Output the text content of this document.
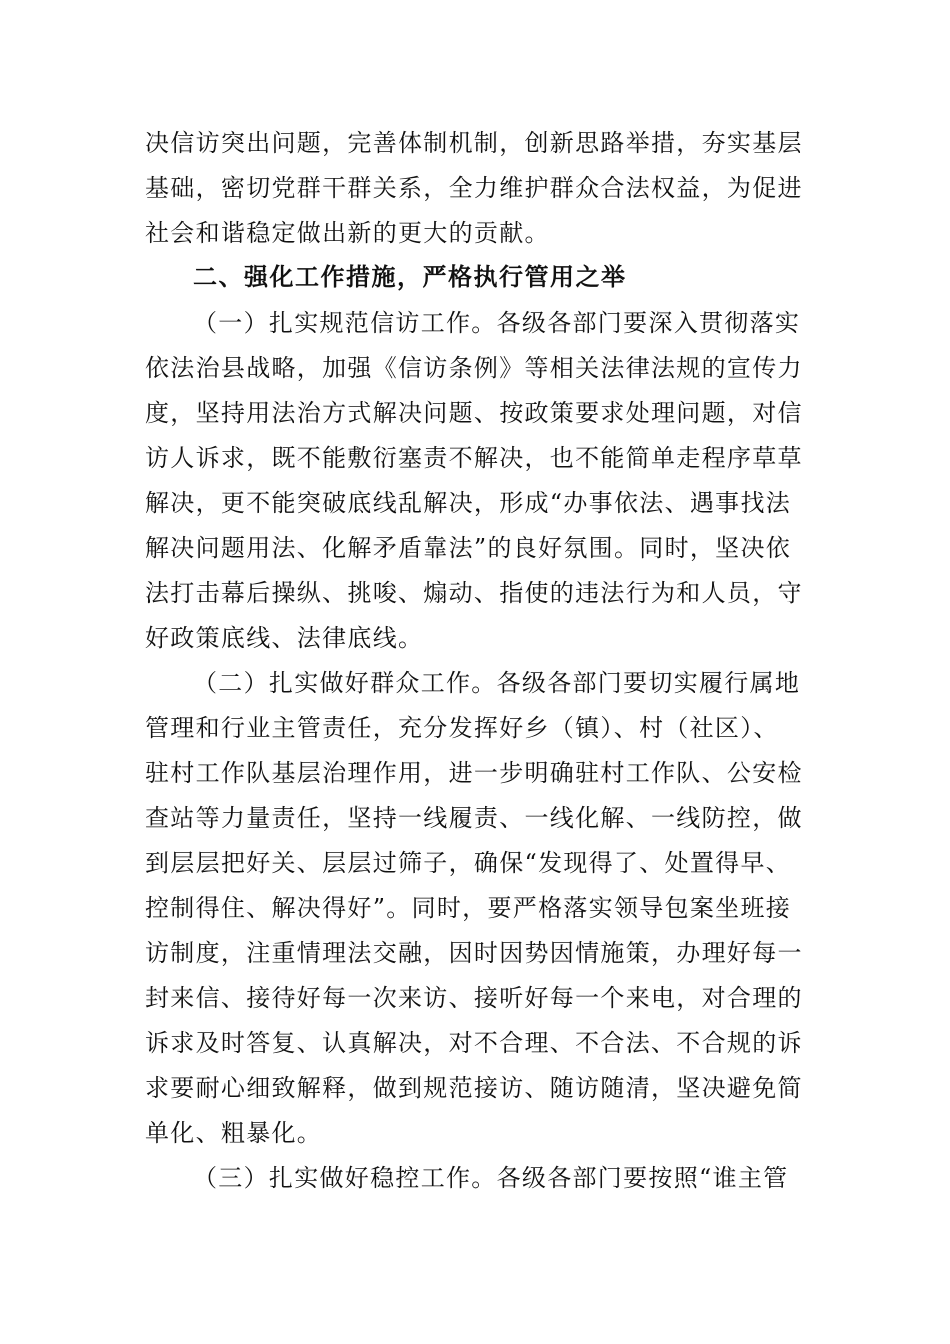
决信访突出问题，完善体制机制，创新思路举措，夯实基层
基础，密切党群干群关系，全力维护群众合法权益，为促进
社会和谐稳定做出新的更大的贡献。
二、强化工作措施，严格执行管用之举
（一）扎实规范信访工作。各级各部门要深入贯彻落实
依法治县战略，加强《信访条例》等相关法律法规的宣传力
度，坚持用法治方式解决问题、按政策要求处理问题，对信
访人诉求，既不能敷衍塞责不解决，也不能简单走程序草草
解决，更不能突破底线乱解决，形成“办事依法、遇事找法
解决问题用法、化解矛盾靠法”的良好氛围。同时，坚决依
法打击幕后操纵、挑唆、煽动、指使的违法行为和人员，守
好政策底线、法律底线。
（二）扎实做好群众工作。各级各部门要切实履行属地
管理和行业主管责任，充分发挥好乡（镇）、村（社区）、
驻村工作队基层治理作用，进一步明确驻村工作队、公安检
查站等力量责任，坚持一线履责、一线化解、一线防控，做
到层层把好关、层层过筛子，确保“发现得了、处置得早、
控制得住、解决得好”。同时，要严格落实领导包案坐班接
访制度，注重情理法交融，因时因势因情施策，办理好每一
封来信、接待好每一次来访、接听好每一个来电，对合理的
诉求及时答复、认真解决，对不合理、不合法、不合规的诉
求要耐心细致解释，做到规范接访、随访随清，坚决避免简
单化、粗暴化。
（三）扎实做好稳控工作。各级各部门要按照“谁主管
